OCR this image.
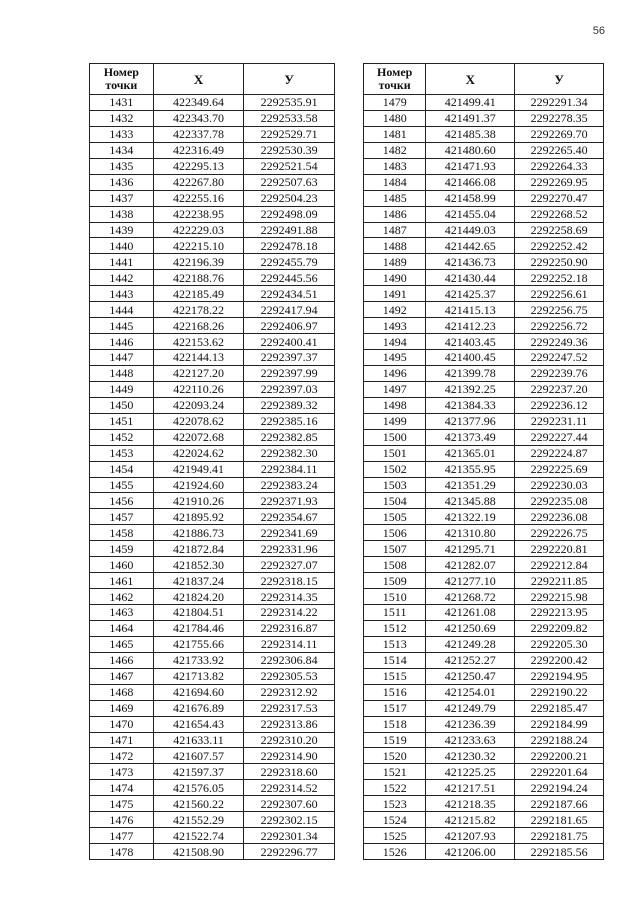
56
Номер
точки	X	У
1431	422349.64	2292535.91
1432	422343.70	2292533.58
1433	422337.78	2292529.71
1434	422316.49	2292530.39
1435	422295.13	2292521.54
1436	422267.80	2292507.63
1437	422255.16	2292504.23
1438	422238.95	2292498.09
1439	422229.03	2292491.88
1440	422215.10	2292478.18
1441	422196.39	2292455.79
1442	422188.76	2292445.56
1443	422185.49	2292434.51
1444	422178.22	2292417.94
1445	422168.26	2292406.97
1446	422153.62	2292400.41
1447	422144.13	2292397.37
1448	422127.20	2292397.99
1449	422110.26	2292397.03
1450	422093.24	2292389.32
1451	422078.62	2292385.16
1452	422072.68	2292382.85
1453	422024.62	2292382.30
1454	421949.41	2292384.11
1455	421924.60	2292383.24
1456	421910.26	2292371.93
1457	421895.92	2292354.67
1458	421886.73	2292341.69
1459	421872.84	2292331.96
1460	421852.30	2292327.07
1461	421837.24	2292318.15
1462	421824.20	2292314.35
1463	421804.51	2292314.22
1464	421784.46	2292316.87
1465	421755.66	2292314.11
1466	421733.92	2292306.84
1467	421713.82	2292305.53
1468	421694.60	2292312.92
1469	421676.89	2292317.53
1470	421654.43	2292313.86
1471	421633.11	2292310.20
1472	421607.57	2292314.90
1473	421597.37	2292318.60
1474	421576.05	2292314.52
1475	421560.22	2292307.60
1476	421552.29	2292302.15
1477	421522.74	2292301.34
1478	421508.90	2292296.77
Номер
точки	X	У
1479	421499.41	2292291.34
1480	421491.37	2292278.35
1481	421485.38	2292269.70
1482	421480.60	2292265.40
1483	421471.93	2292264.33
1484	421466.08	2292269.95
1485	421458.99	2292270.47
1486	421455.04	2292268.52
1487	421449.03	2292258.69
1488	421442.65	2292252.42
1489	421436.73	2292250.90
1490	421430.44	2292252.18
1491	421425.37	2292256.61
1492	421415.13	2292256.75
1493	421412.23	2292256.72
1494	421403.45	2292249.36
1495	421400.45	2292247.52
1496	421399.78	2292239.76
1497	421392.25	2292237.20
1498	421384.33	2292236.12
1499	421377.96	2292231.11
1500	421373.49	2292227.44
1501	421365.01	2292224.87
1502	421355.95	2292225.69
1503	421351.29	2292230.03
1504	421345.88	2292235.08
1505	421322.19	2292236.08
1506	421310.80	2292226.75
1507	421295.71	2292220.81
1508	421282.07	2292212.84
1509	421277.10	2292211.85
1510	421268.72	2292215.98
1511	421261.08	2292213.95
1512	421250.69	2292209.82
1513	421249.28	2292205.30
1514	421252.27	2292200.42
1515	421250.47	2292194.95
1516	421254.01	2292190.22
1517	421249.79	2292185.47
1518	421236.39	2292184.99
1519	421233.63	2292188.24
1520	421230.32	2292200.21
1521	421225.25	2292201.64
1522	421217.51	2292194.24
1523	421218.35	2292187.66
1524	421215.82	2292181.65
1525	421207.93	2292181.75
1526	421206.00	2292185.56
